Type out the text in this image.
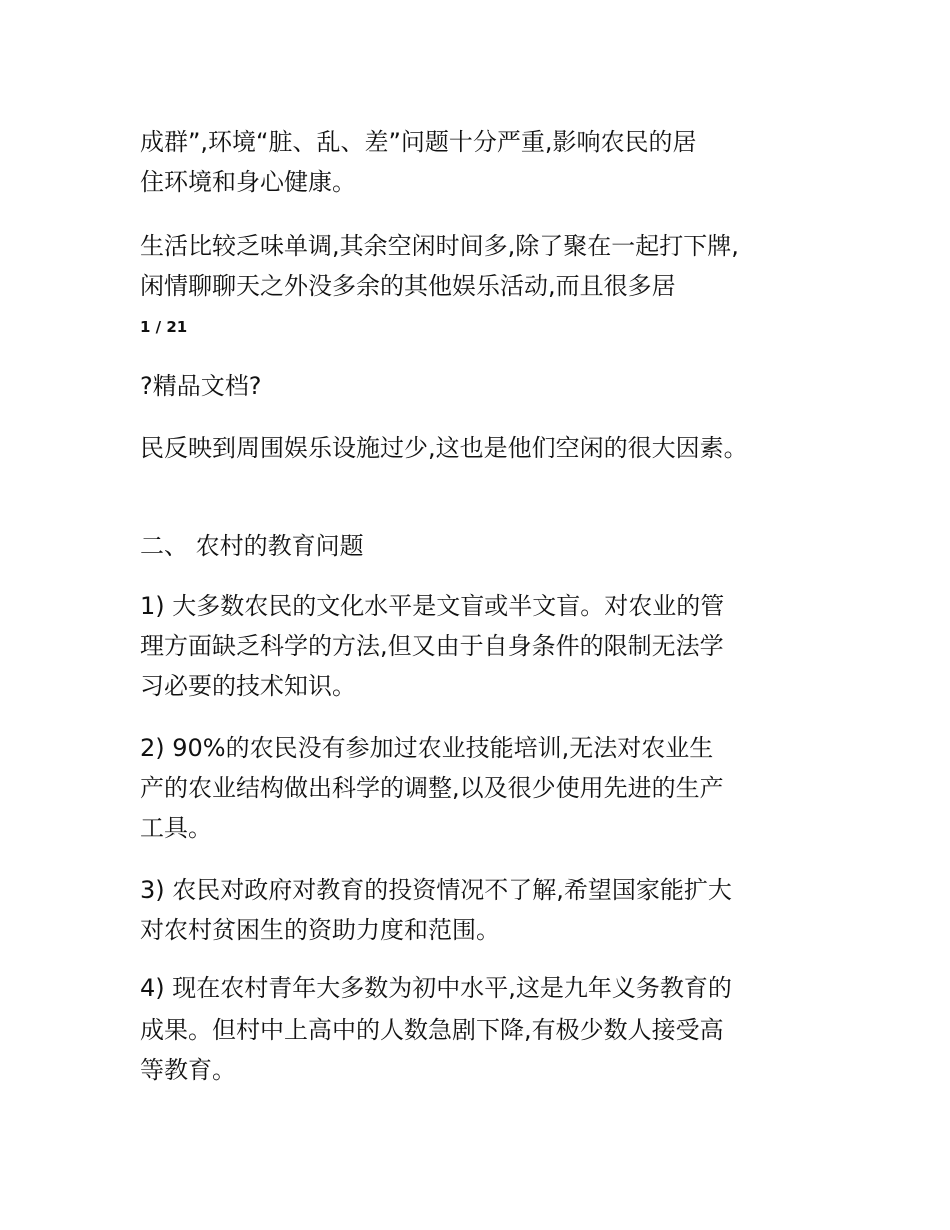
成群”,环境“脏、乱、差”问题十分严重,影响农民的居
住环境和身心健康。
生活比较乏味单调,其余空闲时间多,除了聚在一起打下牌,
闲情聊聊天之外没多余的其他娱乐活动,而且很多居
1 / 21
?精品文档?
民反映到周围娱乐设施过少,这也是他们空闲的很大因素。
二、 农村的教育问题
1) 大多数农民的文化水平是文盲或半文盲。对农业的管
理方面缺乏科学的方法,但又由于自身条件的限制无法学
习必要的技术知识。
2) 90%的农民没有参加过农业技能培训,无法对农业生
产的农业结构做出科学的调整,以及很少使用先进的生产
工具。
3) 农民对政府对教育的投资情况不了解,希望国家能扩大
对农村贫困生的资助力度和范围。
4) 现在农村青年大多数为初中水平,这是九年义务教育的
成果。但村中上高中的人数急剧下降,有极少数人接受高
等教育。
